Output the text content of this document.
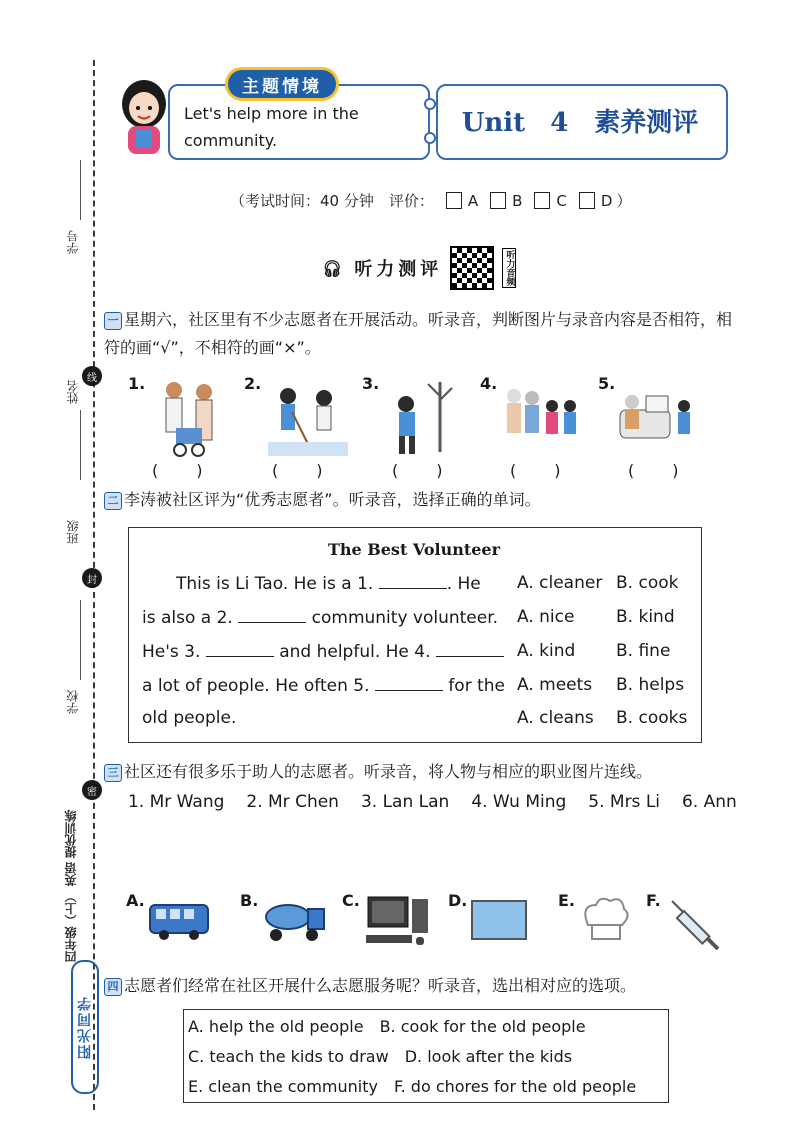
学号
姓名
线
班级
封
学校
密
四年级（上） 英语 提优训练
阳光同学
主题情境
Let's help more in the community.
Unit 4　素养测评
（考试时间：40 分钟　评价： A B C D ）
🎧︎ 听力测评	听力音频
一 星期六，社区里有不少志愿者在开展活动。听录音，判断图片与录音内容是否相符，相符的画“√”，不相符的画“×”。
1.	2.	3.	4.	5.
(　　)	(　　)	(　　)	(　　)	(　　)
二 李涛被社区评为“优秀志愿者”。听录音，选择正确的单词。
The Best Volunteer
This is Li Tao. He is a 1.	. He A. cleaner B. cook
is also a 2.	community volunteer. A. nice B. kind
He's 3.	and helpful. He 4.	A. kind B. fine
a lot of people. He often 5.	for the A. meets B. helps
old people.	A. cleans B. cooks
三 社区还有很多乐于助人的志愿者。听录音，将人物与相应的职业图片连线。
1. Mr Wang 2. Mr Chen 3. Lan Lan 4. Wu Ming 5. Mrs Li 6. Ann
A.	B.	C.	D.	E.	F.
四 志愿者们经常在社区开展什么志愿服务呢？听录音，选出相对应的选项。
A. help the old people　 B. cook for the old people
C. teach the kids to draw　 D. look after the kids
E. clean the community　 F. do chores for the old people
